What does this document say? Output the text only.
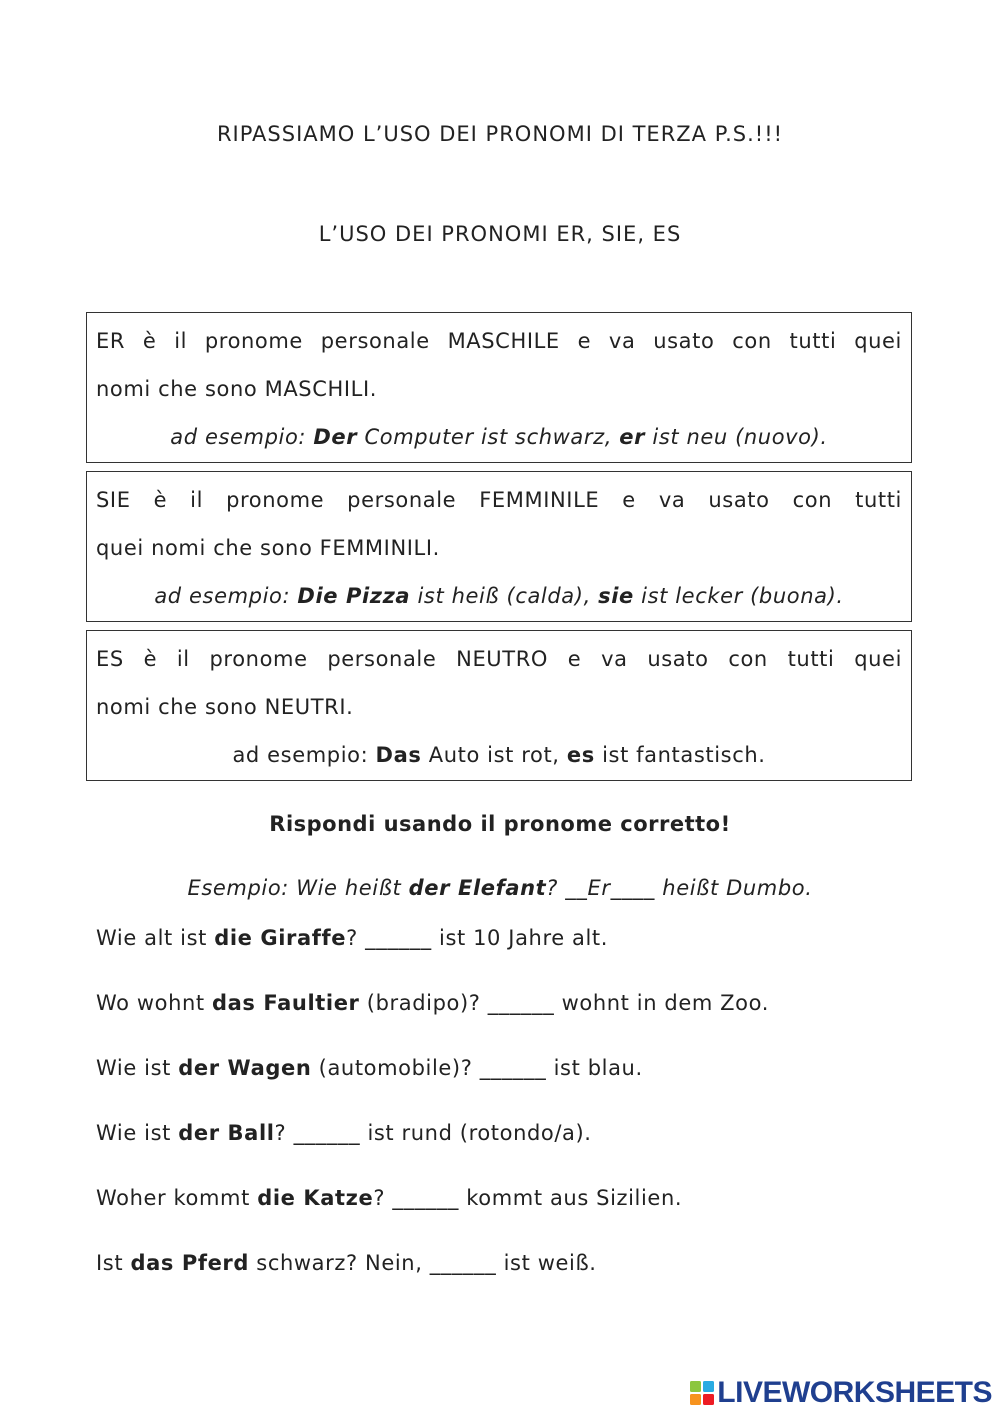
RIPASSIAMO L’USO DEI PRONOMI DI TERZA P.S.!!!
L’USO DEI PRONOMI ER, SIE, ES
ER è il pronome personale MASCHILE e va usato con tutti quei
nomi che sono MASCHILI.
ad esempio: Der Computer ist schwarz, er ist neu (nuovo).
SIE è il pronome personale FEMMINILE e va usato con tutti
quei nomi che sono FEMMINILI.
ad esempio: Die Pizza ist heiß (calda), sie ist lecker (buona).
ES è il pronome personale NEUTRO e va usato con tutti quei
nomi che sono NEUTRI.
ad esempio: Das Auto ist rot, es ist fantastisch.
Rispondi usando il pronome corretto!
Esempio: Wie heißt der Elefant? __Er____ heißt Dumbo.
Wie alt ist die Giraffe? ______ ist 10 Jahre alt.
Wo wohnt das Faultier (bradipo)? ______ wohnt in dem Zoo.
Wie ist der Wagen (automobile)? ______ ist blau.
Wie ist der Ball? ______ ist rund (rotondo/a).
Woher kommt die Katze? ______ kommt aus Sizilien.
Ist das Pferd schwarz? Nein, ______ ist weiß.
LIVEWORKSHEETS
